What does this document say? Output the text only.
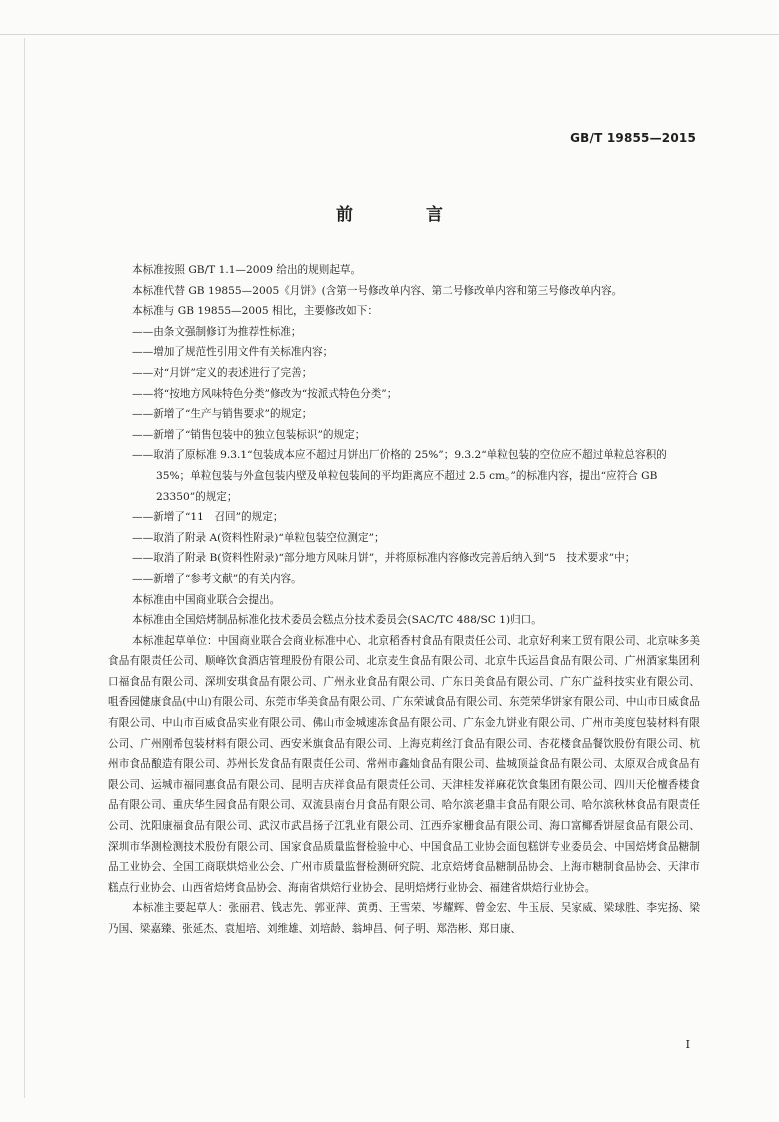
GB/T 19855—2015
前　言

本标准按照 GB/T 1.1—2009 给出的规则起草。

本标准代替 GB 19855—2005《月饼》(含第一号修改单内容、第二号修改单内容和第三号修改单内容。

本标准与 GB 19855—2005 相比，主要修改如下：

——由条文强制修订为推荐性标准；

——增加了规范性引用文件有关标准内容；

——对“月饼”定义的表述进行了完善；

——将“按地方风味特色分类”修改为“按派式特色分类”；

——新增了“生产与销售要求”的规定；

——新增了“销售包装中的独立包装标识”的规定；

——取消了原标准 9.3.1“包装成本应不超过月饼出厂价格的 25%”；9.3.2“单粒包装的空位应不超过单粒总容积的 35%；单粒包装与外盒包装内壁及单粒包装间的平均距离应不超过 2.5 cm。”的标准内容，提出“应符合 GB 23350”的规定；

——新增了“11　召回”的规定；

——取消了附录 A(资料性附录)“单粒包装空位测定”；

——取消了附录 B(资料性附录)“部分地方风味月饼”，并将原标准内容修改完善后纳入到“5　技术要求”中；

——新增了“参考文献”的有关内容。

本标准由中国商业联合会提出。

本标准由全国焙烤制品标准化技术委员会糕点分技术委员会(SAC/TC 488/SC 1)归口。

本标准起草单位：中国商业联合会商业标准中心、北京稻香村食品有限责任公司、北京好利来工贸有限公司、北京味多美食品有限责任公司、顺峰饮食酒店管理股份有限公司、北京麦生食品有限公司、北京牛氏运昌食品有限公司、广州酒家集团利口福食品有限公司、深圳安琪食品有限公司、广州永业食品有限公司、广东日美食品有限公司、广东广益科技实业有限公司、咀香园健康食品(中山)有限公司、东莞市华美食品有限公司、广东荣诚食品有限公司、东莞荣华饼家有限公司、中山市日威食品有限公司、中山市百威食品实业有限公司、佛山市金城速冻食品有限公司、广东金九饼业有限公司、广州市美度包装材料有限公司、广州刚希包装材料有限公司、西安米旗食品有限公司、上海克莉丝汀食品有限公司、杏花楼食品餐饮股份有限公司、杭州市食品酿造有限公司、苏州长发食品有限责任公司、常州市鑫灿食品有限公司、盐城顶益食品有限公司、太原双合成食品有限公司、运城市福同惠食品有限公司、昆明吉庆祥食品有限责任公司、天津桂发祥麻花饮食集团有限公司、四川天伦檀香楼食品有限公司、重庆华生园食品有限公司、双流县南台月食品有限公司、哈尔滨老鼎丰食品有限公司、哈尔滨秋林食品有限责任公司、沈阳康福食品有限公司、武汉市武昌扬子江乳业有限公司、江西乔家栅食品有限公司、海口富椰香饼屋食品有限公司、深圳市华测检测技术股份有限公司、国家食品质量监督检验中心、中国食品工业协会面包糕饼专业委员会、中国焙烤食品糖制品工业协会、全国工商联烘焙业公会、广州市质量监督检测研究院、北京焙烤食品糖制品协会、上海市糖制食品协会、天津市糕点行业协会、山西省焙烤食品协会、海南省烘焙行业协会、昆明焙烤行业协会、福建省烘焙行业协会。

本标准主要起草人：张丽君、钱志先、郭亚萍、黄勇、王雪荣、岑耀辉、曾金宏、牛玉辰、吴家威、梁球胜、李宪扬、梁乃国、梁嘉臻、张延杰、袁旭培、刘维雄、刘培龄、翁坤昌、何子明、郑浩彬、郑日康、

I
